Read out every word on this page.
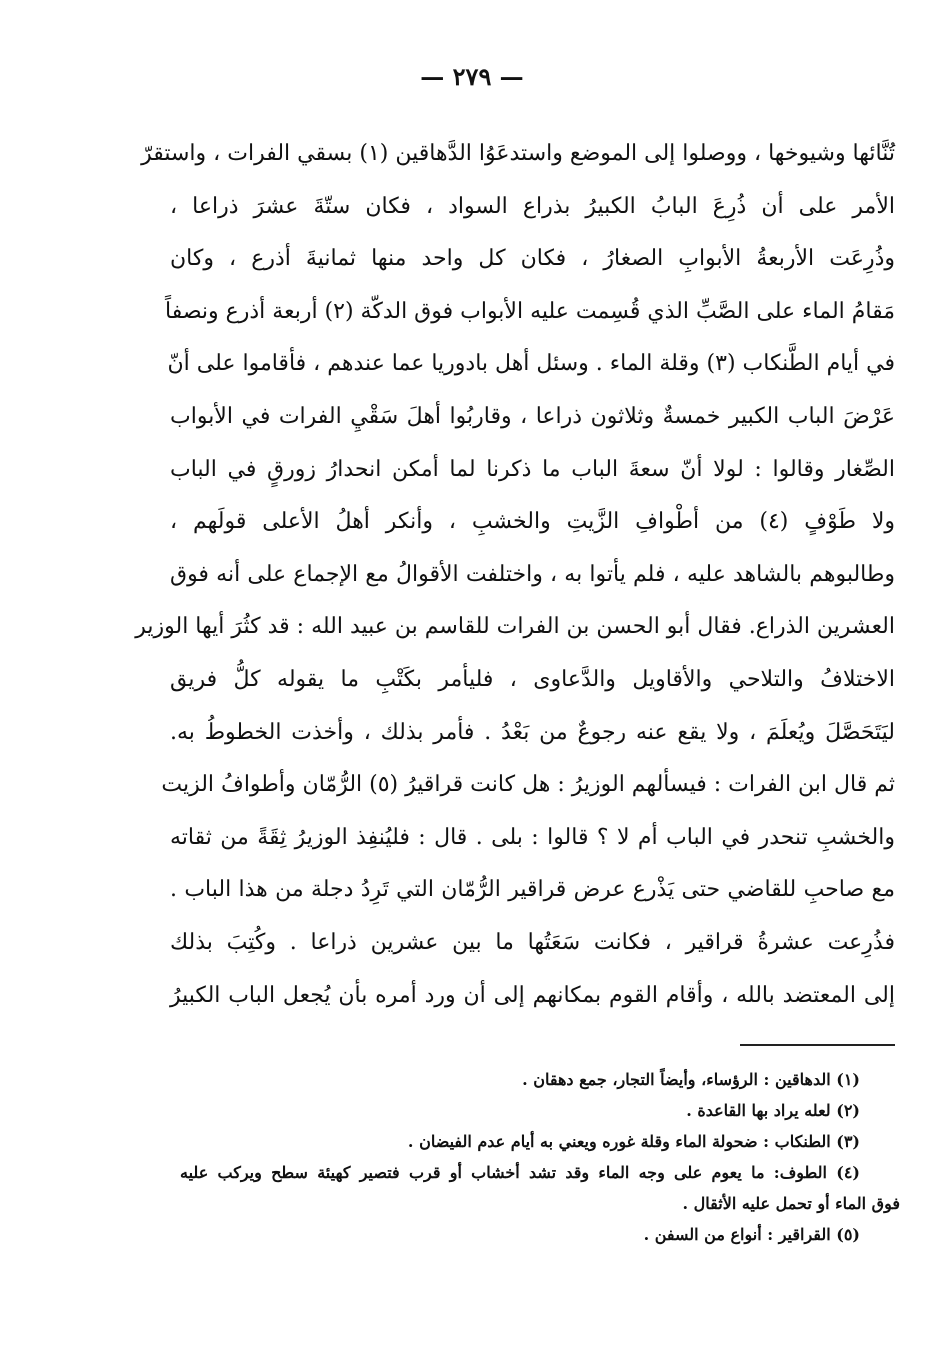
— ٢٧٩ —
تُنَّائها وشيوخها ، ووصلوا إلى الموضع واستدعَوُا الدَّهاقين (١) بسقي الفرات ، واستقرّ
الأمر على أن ذُرِعَ البابُ الكبيرُ بذراع السواد ، فكان ستّةَ عشرَ ذراعا ،
وذُرِعَت الأربعةُ الأبوابِ الصغارُ ، فكان كل واحد منها ثمانيةَ أذرع ، وكان
مَقامُ الماء على الصَّبِّ الذي قُسِمت عليه الأبواب فوق الدكّة (٢) أربعة أذرع ونصفاً
في أيام الطَّنكاب (٣) وقلة الماء . وسئل أهل بادوريا عما عندهم ، فأقاموا على أنّ
عَرْضَ الباب الكبير خمسةٌ وثلاثون ذراعا ، وقاربُوا أهلَ سَقْيِ الفرات في الأبواب
الصِّغار وقالوا : لولا أنّ سعةَ الباب ما ذكرنا لما أمكن انحدارُ زورقٍ في الباب
ولا طَوْفٍ (٤) من أطْوافِ الزَّيتِ والخشبِ ، وأنكر أهلُ الأعلى قولَهم ،
وطالبوهم بالشاهد عليه ، فلم يأتوا به ، واختلفت الأقوالُ مع الإجماع على أنه فوق
العشرين الذراع. فقال أبو الحسن بن الفرات للقاسم بن عبيد الله : قد كثُرَ أيها الوزير
الاختلافُ والتلاحي والأقاويل والدَّعاوى ، فليأمر بكَتْبِ ما يقوله كلُّ فريق
ليَتَحَصَّلَ ويُعلَمَ ، ولا يقع عنه رجوعٌ من بَعْدُ . فأمر بذلك ، وأخذت الخطوطُ به.
ثم قال ابن الفرات : فيسألهم الوزيرُ : هل كانت قراقيرُ (٥) الرُّمّان وأطوافُ الزيت
والخشبِ تنحدر في الباب أم لا ؟ قالوا : بلى . قال : فليُنفِذ الوزيرُ ثِقَةً من ثقاته
مع صاحبِ للقاضي حتى يَذْرع عرض قراقير الرُّمّان التي تَرِدُ دجلة من هذا الباب .
فذُرِعت عشرةُ قراقير ، فكانت سَعَتُها ما بين عشرين ذراعا . وكُتِبَ بذلك
إلى المعتضد بالله ، وأقام القوم بمكانهم إلى أن ورد أمره بأن يُجعل الباب الكبيرُ
(١) الدهاقين : الرؤساء، وأيضاً التجار، جمع دهقان .
(٢) لعله يراد بها القاعدة .
(٣) الطنكاب : ضحولة الماء وقلة غوره ويعني به أيام عدم الفيضان .
(٤) الطوف: ما يعوم على وجه الماء وقد تشد أخشاب أو قرب فتصير كهيئة سطح ويركب عليه
فوق الماء أو تحمل عليه الأثقال .
(٥) القراقير : أنواع من السفن .
